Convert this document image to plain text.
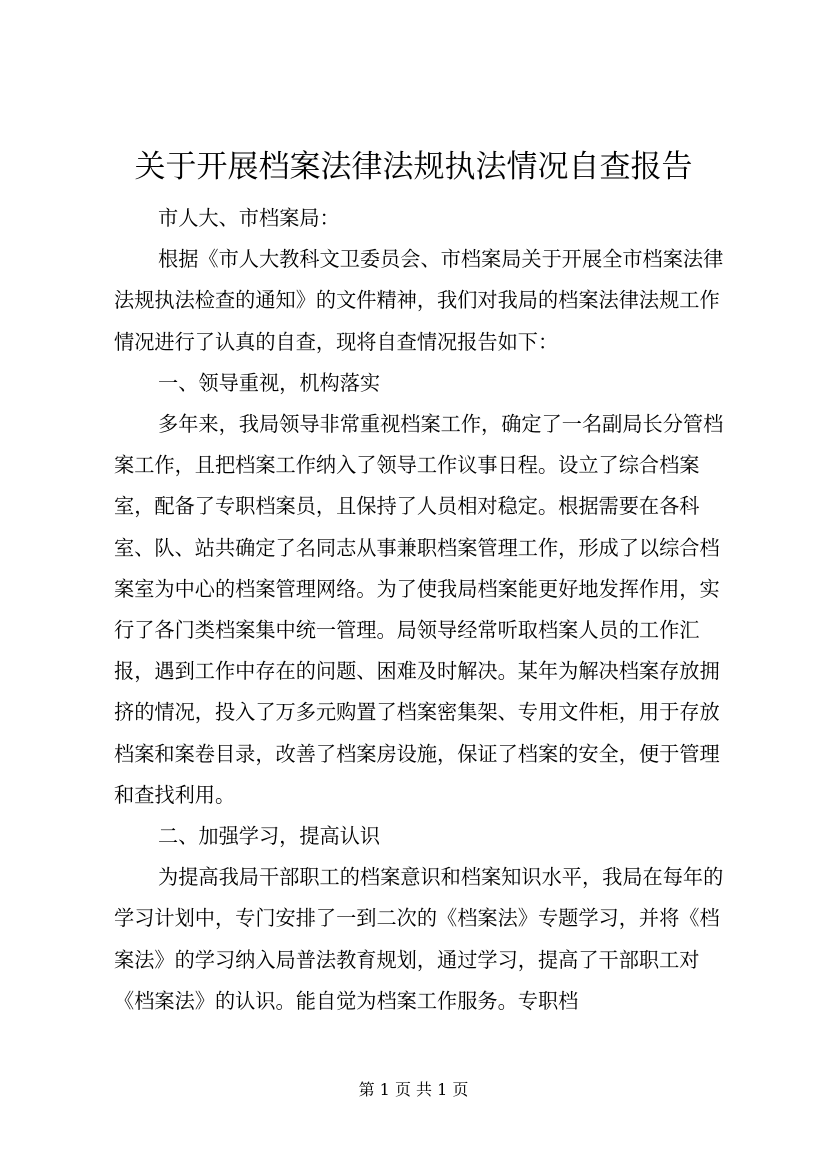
关于开展档案法律法规执法情况自查报告

市人大、市档案局：

根据《市人大教科文卫委员会、市档案局关于开展全市档案法律法规执法检查的通知》的文件精神，我们对我局的档案法律法规工作情况进行了认真的自查，现将自查情况报告如下：

一、领导重视，机构落实

多年来，我局领导非常重视档案工作，确定了一名副局长分管档案工作，且把档案工作纳入了领导工作议事日程。设立了综合档案室，配备了专职档案员，且保持了人员相对稳定。根据需要在各科室、队、站共确定了名同志从事兼职档案管理工作，形成了以综合档案室为中心的档案管理网络。为了使我局档案能更好地发挥作用，实行了各门类档案集中统一管理。局领导经常听取档案人员的工作汇报，遇到工作中存在的问题、困难及时解决。某年为解决档案存放拥挤的情况，投入了万多元购置了档案密集架、专用文件柜，用于存放档案和案卷目录，改善了档案房设施，保证了档案的安全，便于管理和查找利用。

二、加强学习，提高认识

为提高我局干部职工的档案意识和档案知识水平，我局在每年的学习计划中，专门安排了一到二次的《档案法》专题学习，并将《档案法》的学习纳入局普法教育规划，通过学习，提高了干部职工对《档案法》的认识。能自觉为档案工作服务。专职档

第 1 页 共 1 页
